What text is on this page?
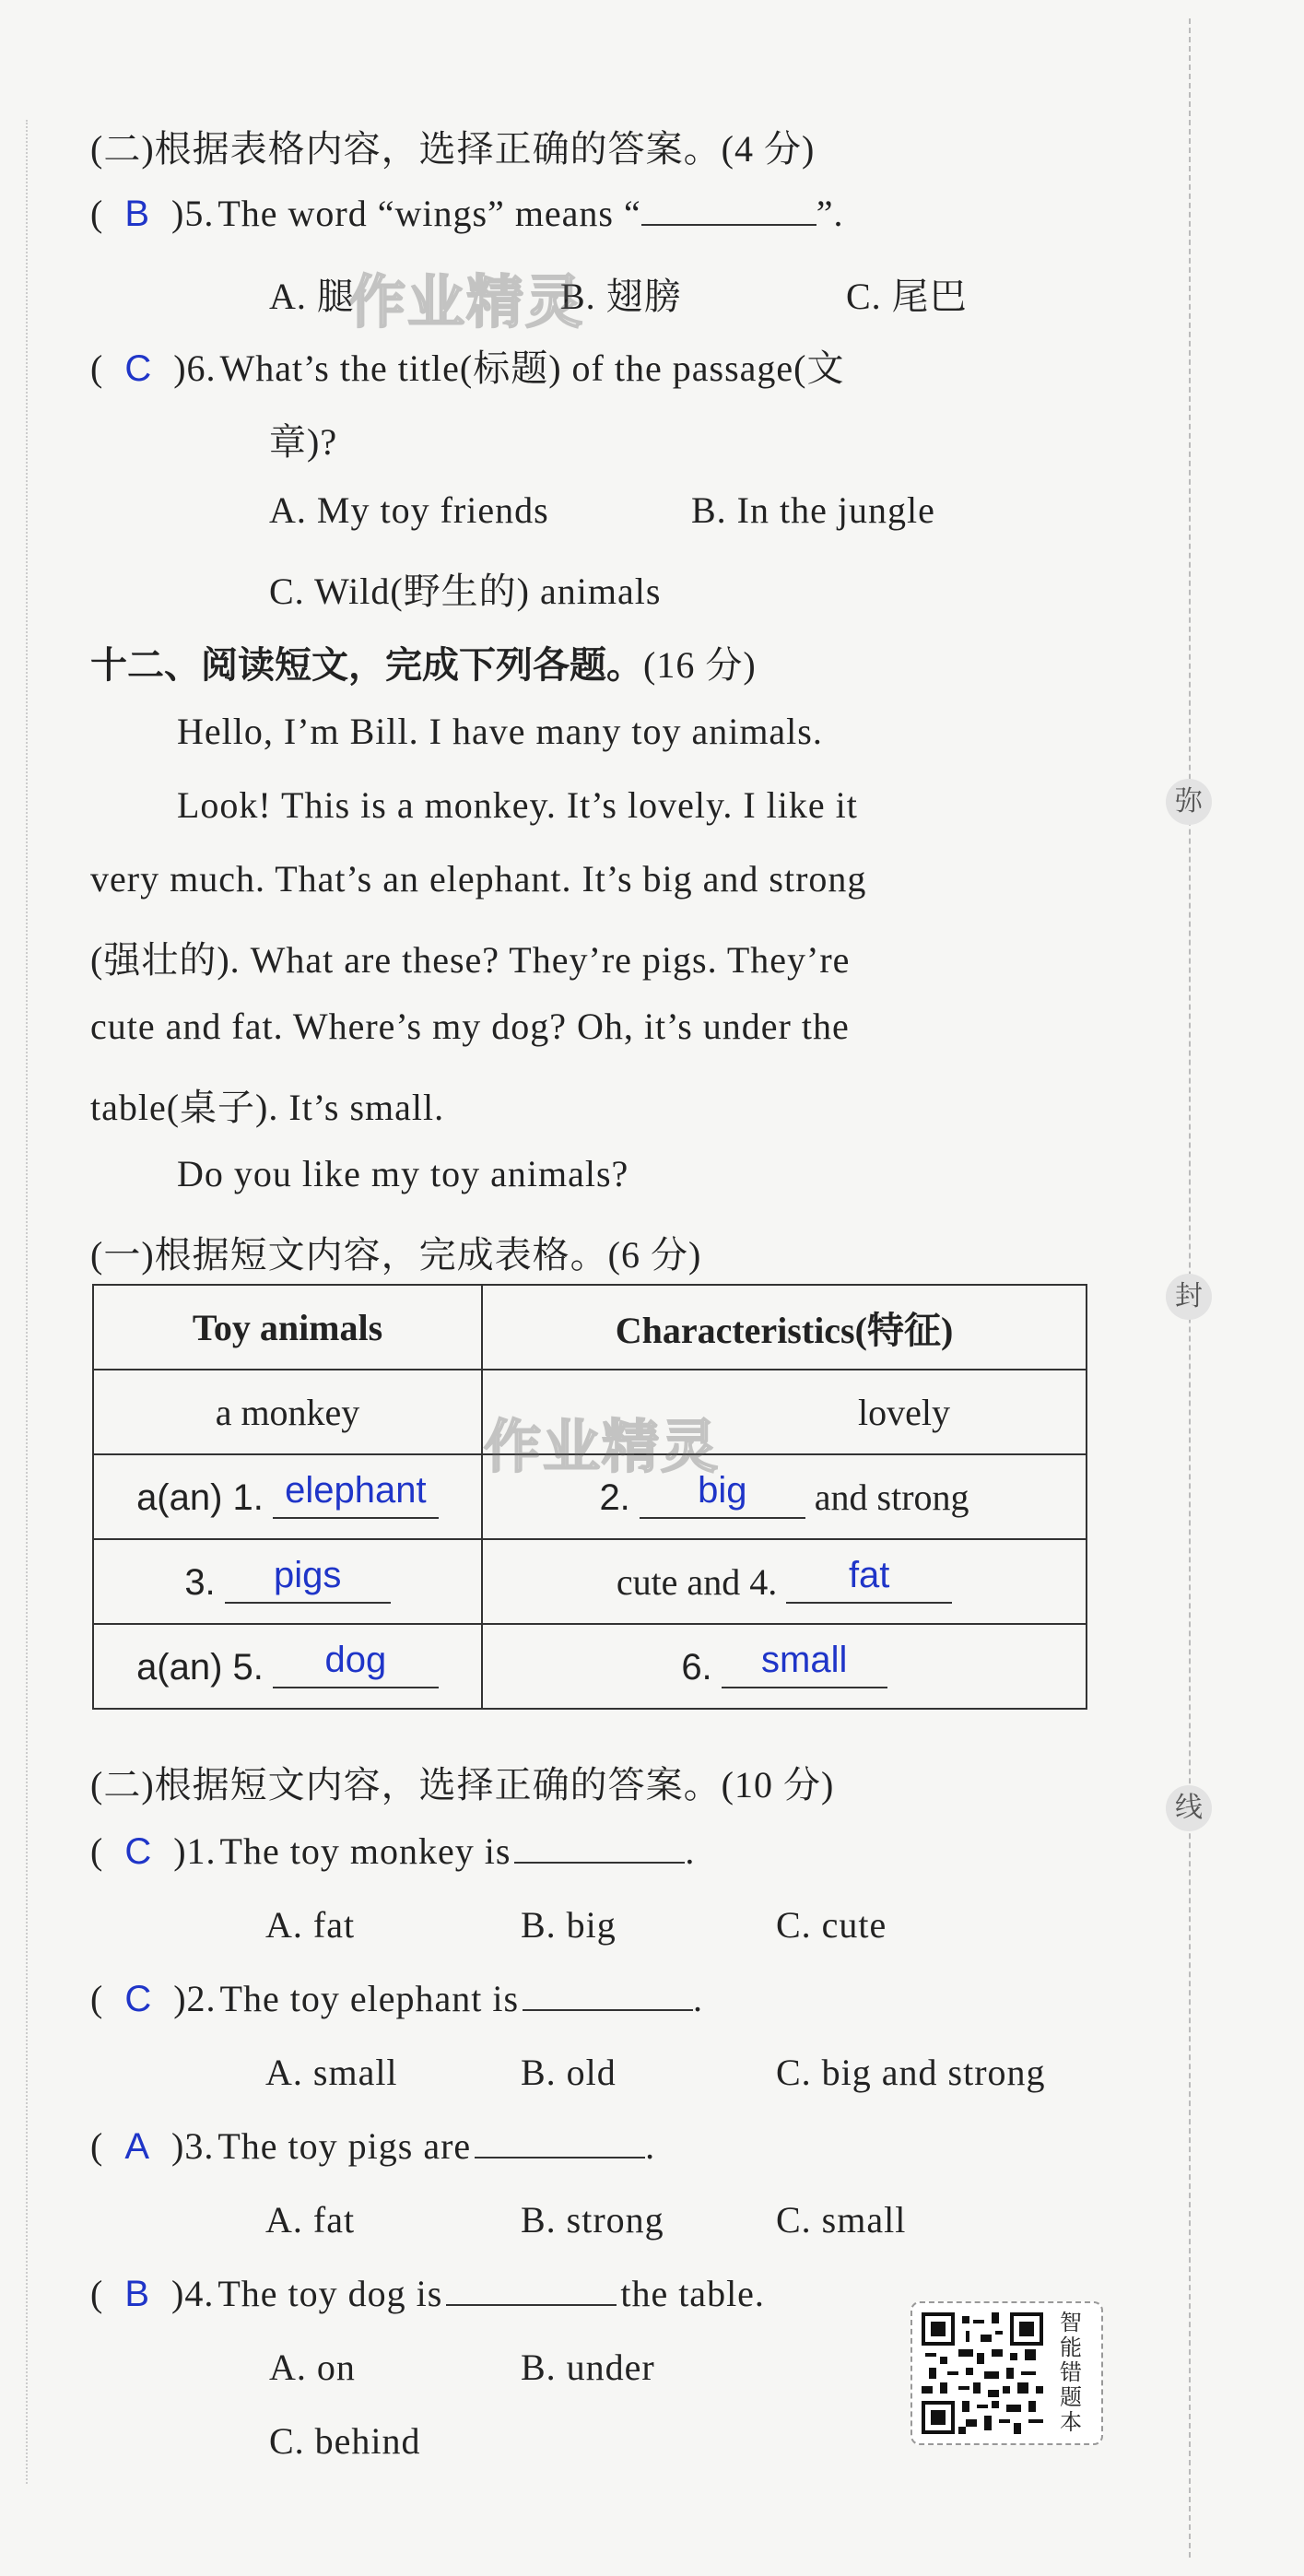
(二)根据表格内容，选择正确的答案。(4 分)
( B )5. The word “wings” means “	”.
A. 腿	B. 翅膀	C. 尾巴
( C )6. What’s the title(标题) of the passage(文
章)?
A. My toy friends	B. In the jungle
C. Wild(野生的) animals
十二、阅读短文，完成下列各题。(16 分)
Hello, I’m Bill. I have many toy animals.
Look! This is a monkey. It’s lovely. I like it
very much. That’s an elephant. It’s big and strong
(强壮的). What are these? They’re pigs. They’re
cute and fat. Where’s my dog? Oh, it’s under the
table(桌子). It’s small.
Do you like my toy animals?
(一)根据短文内容，完成表格。(6 分)
Toy animals	Characteristics(特征)
a monkey	lovely
a(an) 1. elephant	2. big and strong
3. pigs	cute and 4. fat

a(an) 5. dog	6. small
(二)根据短文内容，选择正确的答案。(10 分)
( C )1. The toy monkey is	.
A. fat	B. big	C. cute
( C )2. The toy elephant is	.
A. small	B. old	C. big and strong
( A )3. The toy pigs are	.
A. fat	B. strong	C. small
( B )4. The toy dog is	the table.
A. on	B. under
C. behind
作业精灵
作业精灵
弥
封
线
智能错题本
